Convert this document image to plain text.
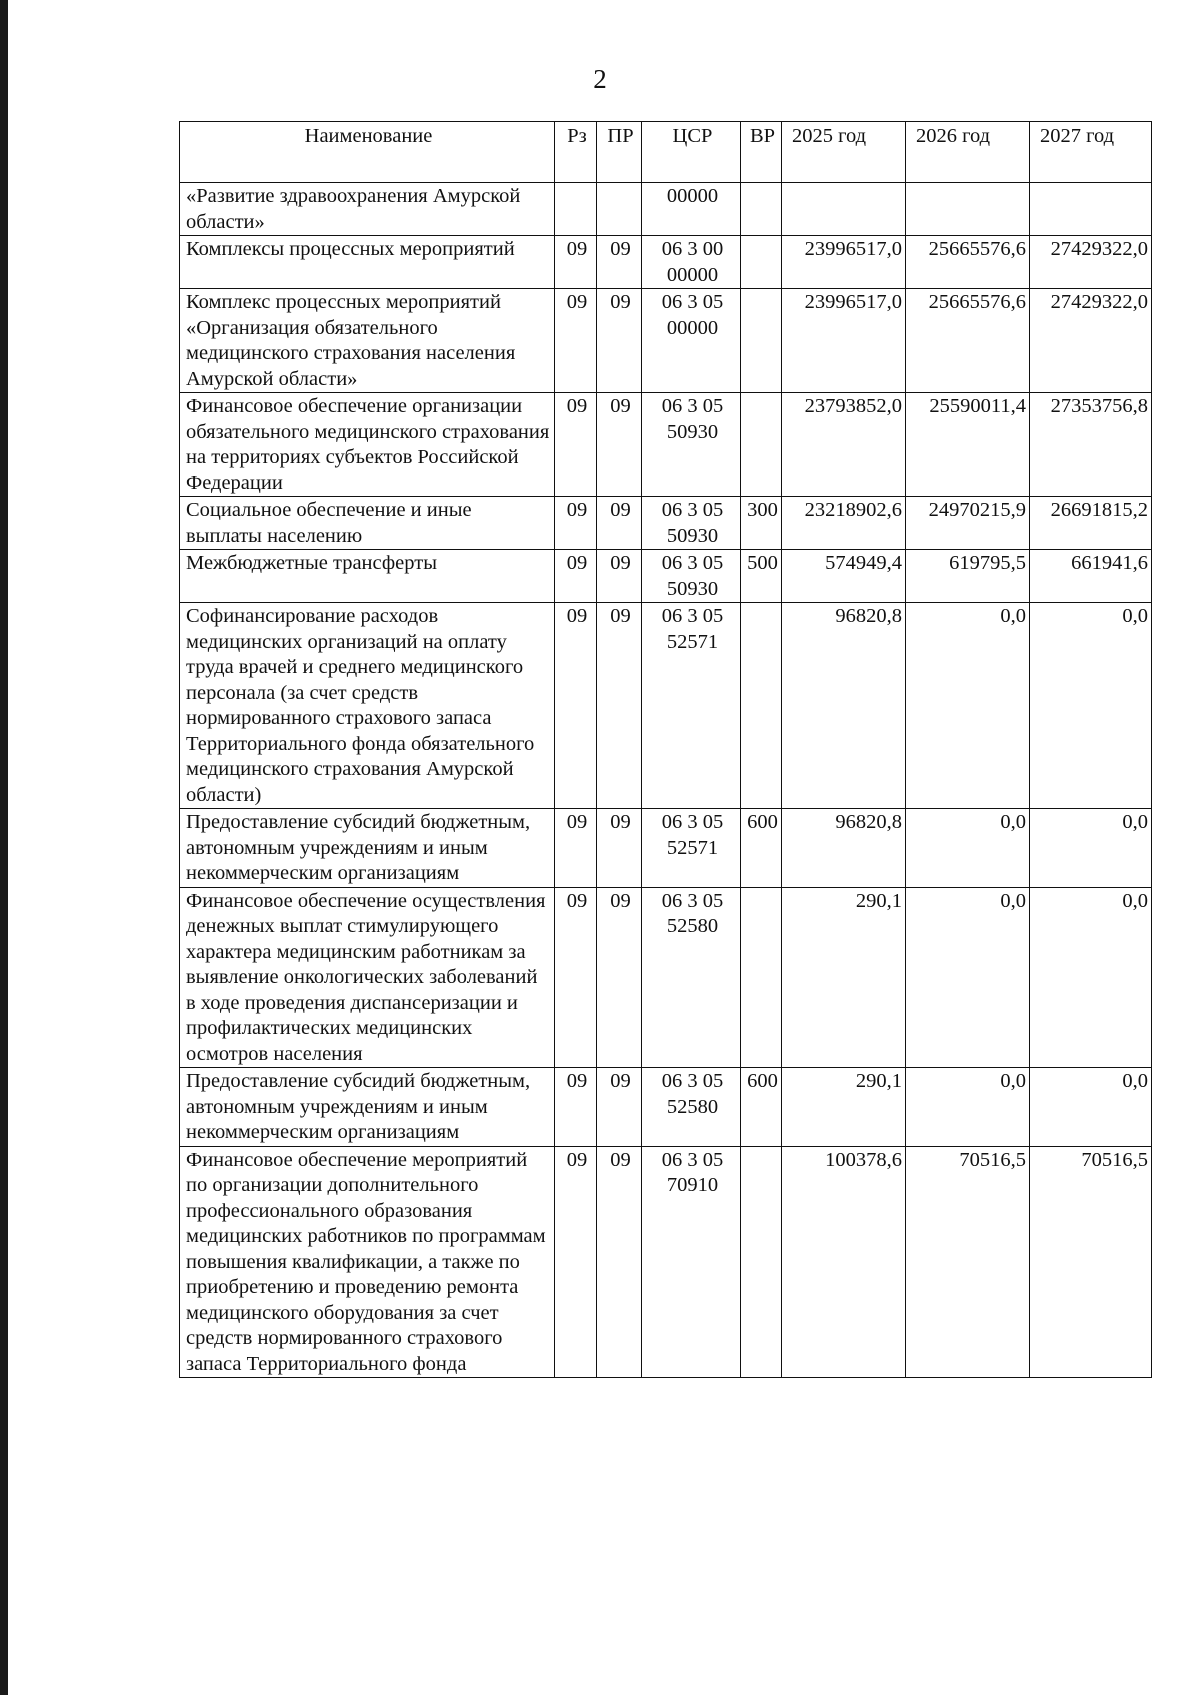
2
Наименование	Рз	ПР	ЦСР	ВР	2025 год	2026 год	2027 год
«Развитие здравоохранения Амурской области»			00000				
Комплексы процессных мероприятий	09	09	06 3 00 00000		23996517,0	25665576,6	27429322,0
Комплекс процессных мероприятий «Организация обязательного медицинского страхования населения Амурской области»	09	09	06 3 05 00000		23996517,0	25665576,6	27429322,0
Финансовое обеспечение организации обязательного медицинского страхования на территориях субъектов Российской Федерации	09	09	06 3 05 50930		23793852,0	25590011,4	27353756,8
Социальное обеспечение и иные выплаты населению	09	09	06 3 05 50930	300	23218902,6	24970215,9	26691815,2
Межбюджетные трансферты	09	09	06 3 05 50930	500	574949,4	619795,5	661941,6
Софинансирование расходов медицинских организаций на оплату труда врачей и среднего медицинского персонала (за счет средств нормированного страхового запаса Территориального фонда обязательного медицинского страхования Амурской области)	09	09	06 3 05 52571		96820,8	0,0	0,0
Предоставление субсидий бюджетным, автономным учреждениям и иным некоммерческим организациям	09	09	06 3 05 52571	600	96820,8	0,0	0,0
Финансовое обеспечение осуществления денежных выплат стимулирующего характера медицинским работникам за выявление онкологических заболеваний в ходе проведения диспансеризации и профилактических медицинских осмотров населения	09	09	06 3 05 52580		290,1	0,0	0,0
Предоставление субсидий бюджетным, автономным учреждениям и иным некоммерческим организациям	09	09	06 3 05 52580	600	290,1	0,0	0,0
Финансовое обеспечение мероприятий по организации дополнительного профессионального образования медицинских работников по программам повышения квалификации, а также по приобретению и проведению ремонта медицинского оборудования за счет средств нормированного страхового запаса Территориального фонда	09	09	06 3 05 70910		100378,6	70516,5	70516,5
